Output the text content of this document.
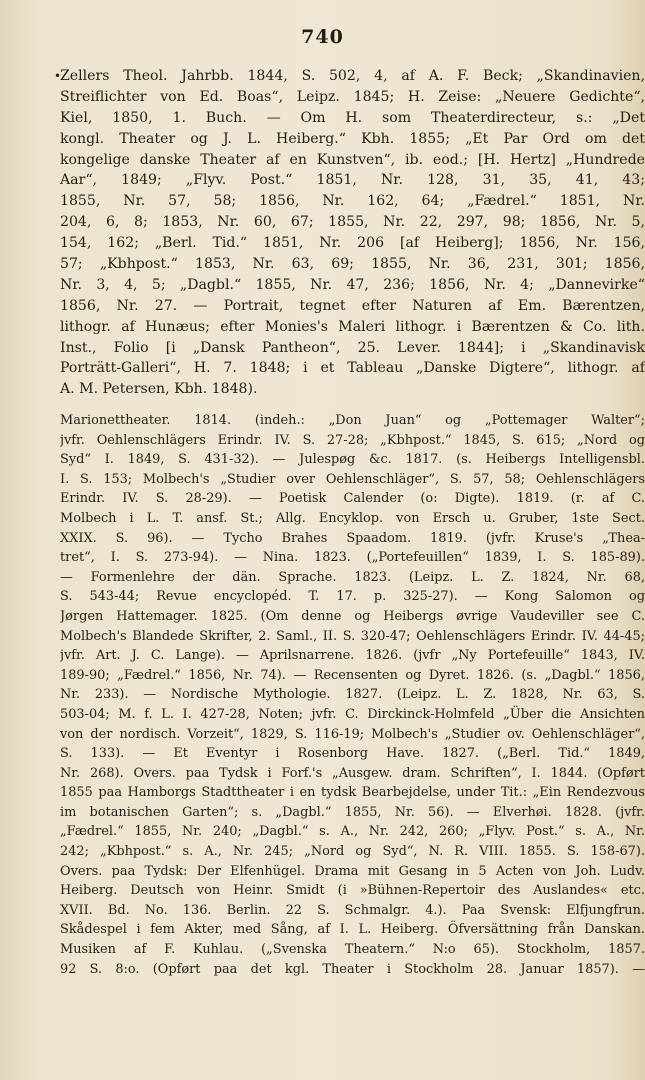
740
•
Zellers Theol. Jahrbb. 1844, S. 502, 4, af A. F. Beck; „Skandinavien,
Streiflichter von Ed. Boas“, Leipz. 1845; H. Zeise: „Neuere Gedichte“,
Kiel, 1850, 1. Buch. — Om H. som Theaterdirecteur, s.: „Det
kongl. Theater og J. L. Heiberg.“ Kbh. 1855; „Et Par Ord om det
kongelige danske Theater af en Kunstven“, ib. eod.; [H. Hertz] „Hundrede
Aar“, 1849; „Flyv. Post.“ 1851, Nr. 128, 31, 35, 41, 43;
1855, Nr. 57, 58; 1856, Nr. 162, 64; „Fædrel.“ 1851, Nr.
204, 6, 8; 1853, Nr. 60, 67; 1855, Nr. 22, 297, 98; 1856, Nr. 5,
154, 162; „Berl. Tid.“ 1851, Nr. 206 [af Heiberg]; 1856, Nr. 156,
57; „Kbhpost.“ 1853, Nr. 63, 69; 1855, Nr. 36, 231, 301; 1856,
Nr. 3, 4, 5; „Dagbl.“ 1855, Nr. 47, 236; 1856, Nr. 4; „Dannevirke“
1856, Nr. 27. — Portrait, tegnet efter Naturen af Em. Bærentzen,
lithogr. af Hunæus; efter Monies's Maleri lithogr. i Bærentzen & Co. lith.
Inst., Folio [i „Dansk Pantheon“, 25. Lever. 1844]; i „Skandinavisk
Porträtt-Galleri“, H. 7. 1848; i et Tableau „Danske Digtere“, lithogr. af
A. M. Petersen, Kbh. 1848).
Marionettheater. 1814. (indeh.: „Don Juan“ og „Pottemager Walter“;
jvfr. Oehlenschlägers Erindr. IV. S. 27-28; „Kbhpost.“ 1845, S. 615; „Nord og
Syd“ I. 1849, S. 431-32). — Julespøg &c. 1817. (s. Heibergs Intelligensbl.
I. S. 153; Molbech's „Studier over Oehlenschläger“, S. 57, 58; Oehlenschlägers
Erindr. IV. S. 28-29). — Poetisk Calender (o: Digte). 1819. (r. af C.
Molbech i L. T. ansf. St.; Allg. Encyklop. von Ersch u. Gruber, 1ste Sect.
XXIX. S. 96). — Tycho Brahes Spaadom. 1819. (jvfr. Kruse's „Thea-
tret“, I. S. 273-94). — Nina. 1823. („Portefeuillen“ 1839, I. S. 185-89).
— Formenlehre der dän. Sprache. 1823. (Leipz. L. Z. 1824, Nr. 68,
S. 543-44; Revue encyclopéd. T. 17. p. 325-27). — Kong Salomon og
Jørgen Hattemager. 1825. (Om denne og Heibergs øvrige Vaudeviller see C.
Molbech's Blandede Skrifter, 2. Saml., II. S. 320-47; Oehlenschlägers Erindr. IV. 44-45;
jvfr. Art. J. C. Lange). — Aprilsnarrene. 1826. (jvfr „Ny Portefeuille“ 1843, IV.
189-90; „Fædrel.“ 1856, Nr. 74). — Recensenten og Dyret. 1826. (s. „Dagbl.“ 1856,
Nr. 233). — Nordische Mythologie. 1827. (Leipz. L. Z. 1828, Nr. 63, S.
503-04; M. f. L. I. 427-28, Noten; jvfr. C. Dirckinck-Holmfeld „Über die Ansichten
von der nordisch. Vorzeit“, 1829, S. 116-19; Molbech's „Studier ov. Oehlenschläger“,
S. 133). — Et Eventyr i Rosenborg Have. 1827. („Berl. Tid.“ 1849,
Nr. 268). Overs. paa Tydsk i Forf.'s „Ausgew. dram. Schriften“, I. 1844. (Opført
1855 paa Hamborgs Stadttheater i en tydsk Bearbejdelse, under Tit.: „Ein Rendezvous
im botanischen Garten“; s. „Dagbl.“ 1855, Nr. 56). — Elverhøi. 1828. (jvfr.
„Fædrel.“ 1855, Nr. 240; „Dagbl.“ s. A., Nr. 242, 260; „Flyv. Post.“ s. A., Nr.
242; „Kbhpost.“ s. A., Nr. 245; „Nord og Syd“, N. R. VIII. 1855. S. 158-67).
Overs. paa Tydsk: Der Elfenhügel. Drama mit Gesang in 5 Acten von Joh. Ludv.
Heiberg. Deutsch von Heinr. Smidt (i »Bühnen-Repertoir des Auslandes« etc.
XVII. Bd. No. 136. Berlin. 22 S. Schmalgr. 4.). Paa Svensk: Elfjungfrun.
Skådespel i fem Akter, med Sång, af I. L. Heiberg. Öfversättning från Danskan.
Musiken af F. Kuhlau. („Svenska Theatern.“ N:o 65). Stockholm, 1857.
92 S. 8:o. (Opført paa det kgl. Theater i Stockholm 28. Januar 1857). —
